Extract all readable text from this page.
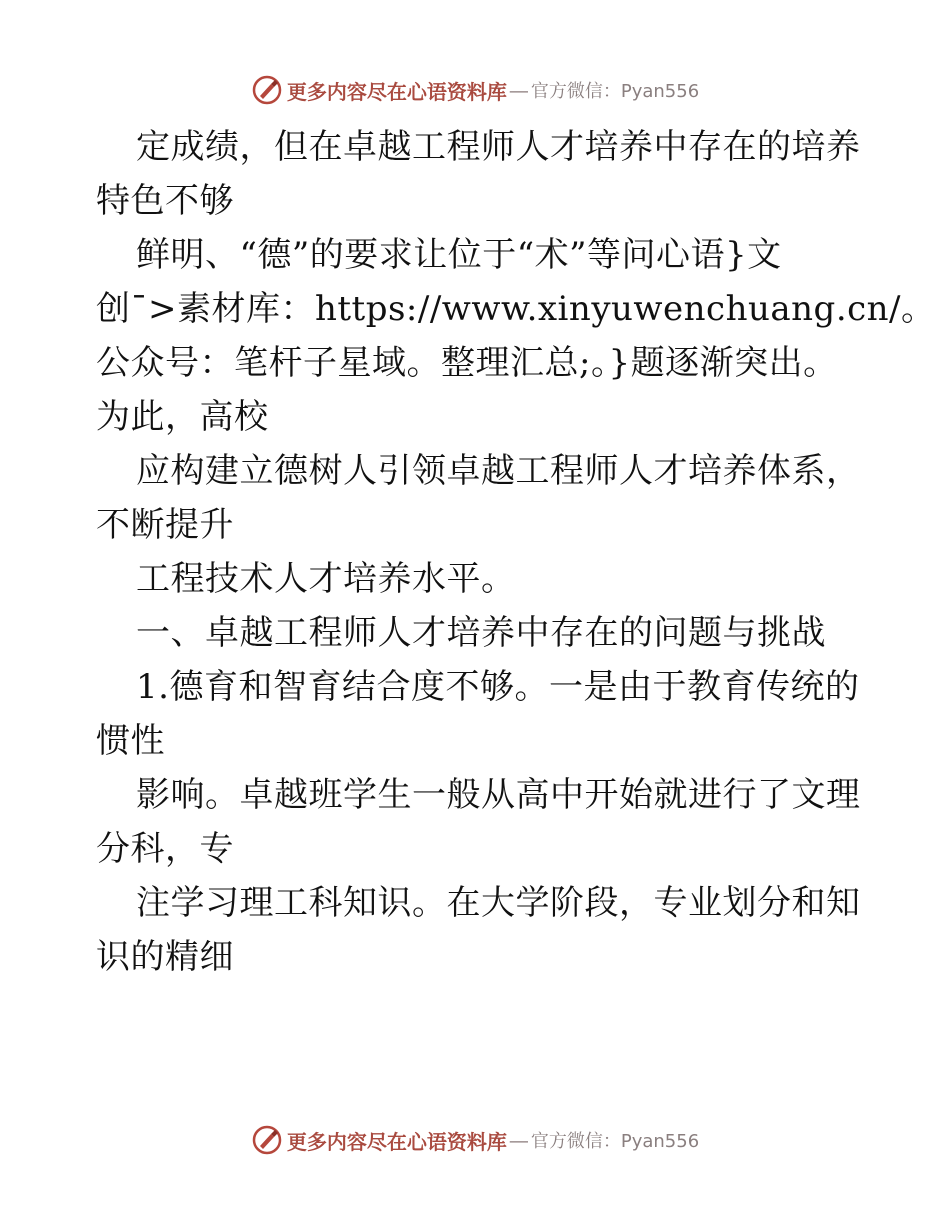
更多内容尽在心语资料库 — 官方微信：Pyan556
定成绩，但在卓越工程师人才培养中存在的培养
特色不够
鲜明、“德”的要求让位于“术”等问心语}文
创¯>素材库：https://www.xinyuwenchuang.cn/。
公众号：笔杆子星域。整理汇总;。}题逐渐突出。
为此，高校
应构建立德树人引领卓越工程师人才培养体系，
不断提升
工程技术人才培养水平。
一、卓越工程师人才培养中存在的问题与挑战
1.德育和智育结合度不够。一是由于教育传统的
惯性
影响。卓越班学生一般从高中开始就进行了文理
分科，专
注学习理工科知识。在大学阶段，专业划分和知
识的精细
更多内容尽在心语资料库 — 官方微信：Pyan556
